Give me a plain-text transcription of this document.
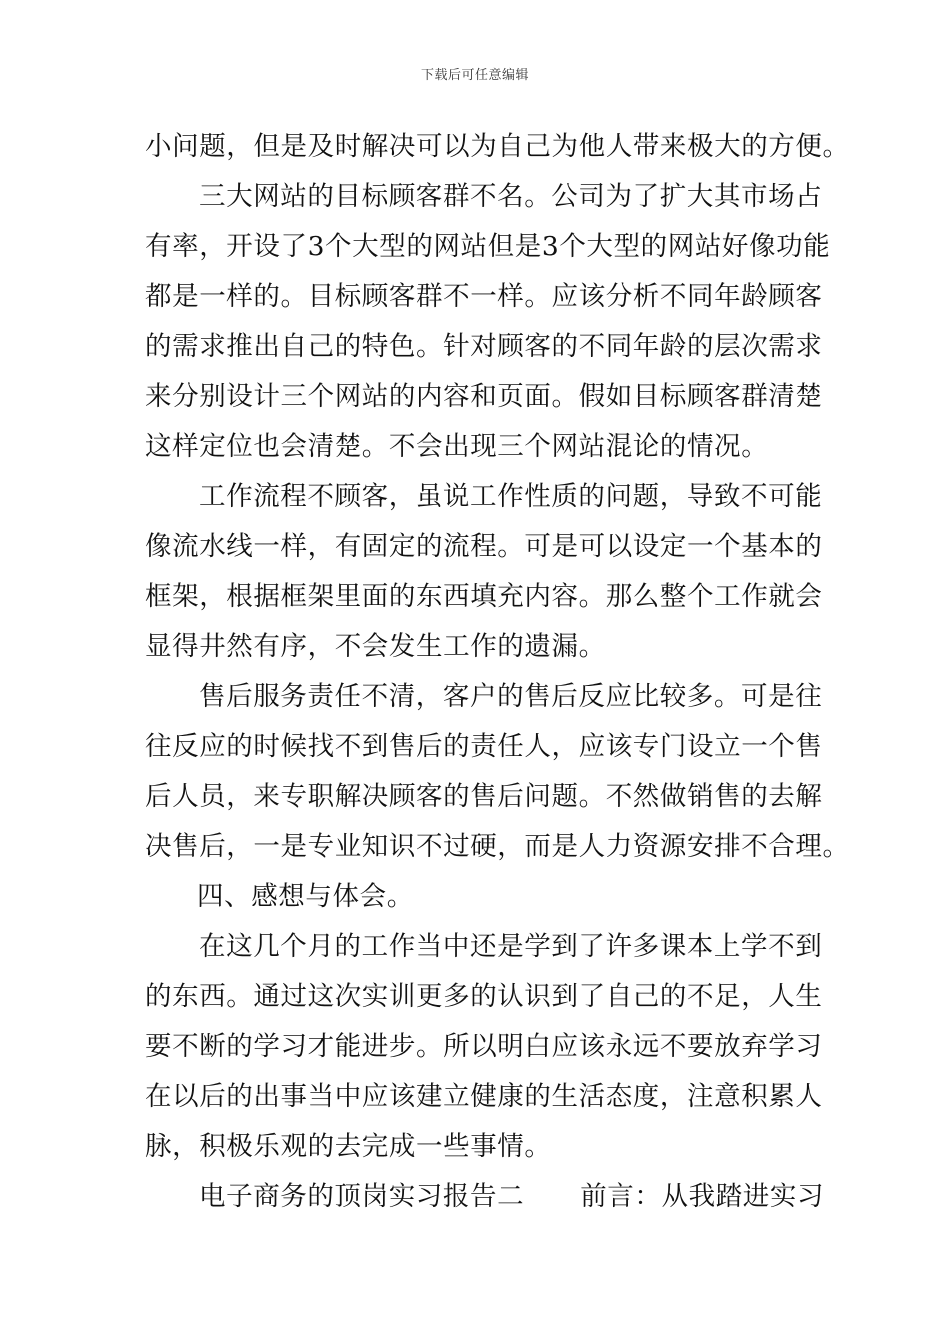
下载后可任意编辑
小问题，但是及时解决可以为自己为他人带来极大的方便。
三大网站的目标顾客群不名。公司为了扩大其市场占
有率，开设了3个大型的网站但是3个大型的网站好像功能
都是一样的。目标顾客群不一样。应该分析不同年龄顾客
的需求推出自己的特色。针对顾客的不同年龄的层次需求
来分别设计三个网站的内容和页面。假如目标顾客群清楚
这样定位也会清楚。不会出现三个网站混论的情况。
工作流程不顾客，虽说工作性质的问题，导致不可能
像流水线一样，有固定的流程。可是可以设定一个基本的
框架，根据框架里面的东西填充内容。那么整个工作就会
显得井然有序，不会发生工作的遗漏。
售后服务责任不清，客户的售后反应比较多。可是往
往反应的时候找不到售后的责任人，应该专门设立一个售
后人员，来专职解决顾客的售后问题。不然做销售的去解
决售后，一是专业知识不过硬，而是人力资源安排不合理。
四、感想与体会。
在这几个月的工作当中还是学到了许多课本上学不到
的东西。通过这次实训更多的认识到了自己的不足，人生
要不断的学习才能进步。所以明白应该永远不要放弃学习
在以后的出事当中应该建立健康的生活态度，注意积累人
脉，积极乐观的去完成一些事情。
电子商务的顶岗实习报告二 前言：从我踏进实习
